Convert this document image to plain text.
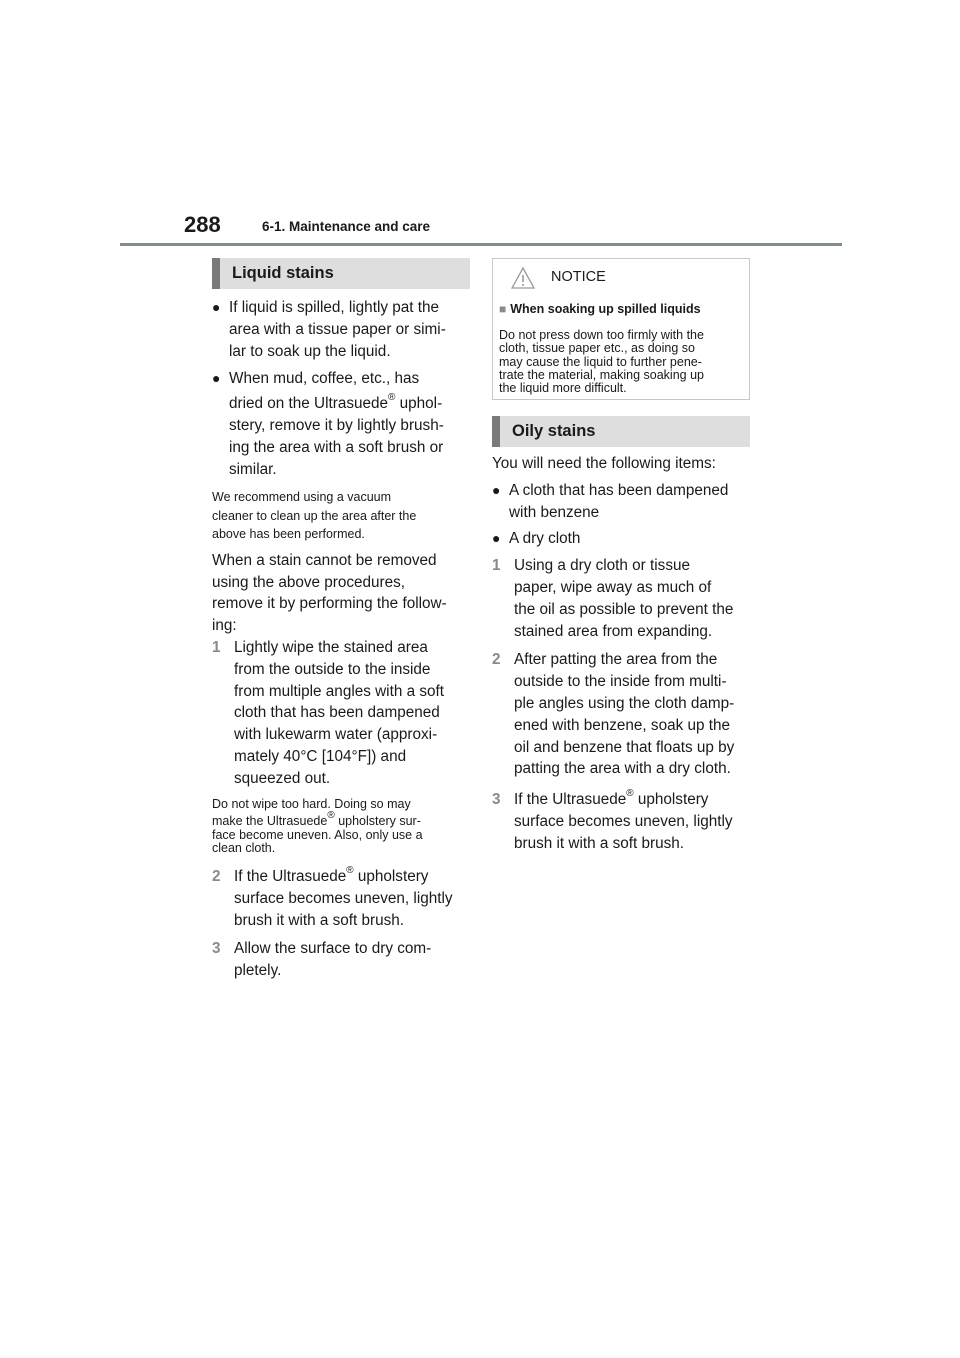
288	6-1. Maintenance and care
Liquid stains
● If liquid is spilled, lightly pat the
area with a tissue paper or simi-
lar to soak up the liquid.
● When mud, coffee, etc., has
dried on the Ultrasuede® uphol-
stery, remove it by lightly brush-
ing the area with a soft brush or
similar.

We recommend using a vacuum

cleaner to clean up the area after the

above has been performed.

When a stain cannot be removed

using the above procedures,

remove it by performing the follow-

ing:

1 Lightly wipe the stained area
from the outside to the inside
from multiple angles with a soft
cloth that has been dampened
with lukewarm water (approxi-
mately 40°C [104°F]) and
squeezed out.

Do not wipe too hard. Doing so may

make the Ultrasuede® upholstery sur-

face become uneven. Also, only use a

clean cloth.

2 If the Ultrasuede® upholstery
surface becomes uneven, lightly
brush it with a soft brush.
3 Allow the surface to dry com-
pletely.
NOTICE
■ When soaking up spilled liquids
Do not press down too firmly with the
cloth, tissue paper etc., as doing so
may cause the liquid to further pene-
trate the material, making soaking up
the liquid more difficult.
Oily stains

You will need the following items:

● A cloth that has been dampened
with benzene
● A dry cloth
1 Using a dry cloth or tissue
paper, wipe away as much of
the oil as possible to prevent the
stained area from expanding.
2 After patting the area from the
outside to the inside from multi-
ple angles using the cloth damp-
ened with benzene, soak up the
oil and benzene that floats up by
patting the area with a dry cloth.
3 If the Ultrasuede® upholstery
surface becomes uneven, lightly
brush it with a soft brush.
